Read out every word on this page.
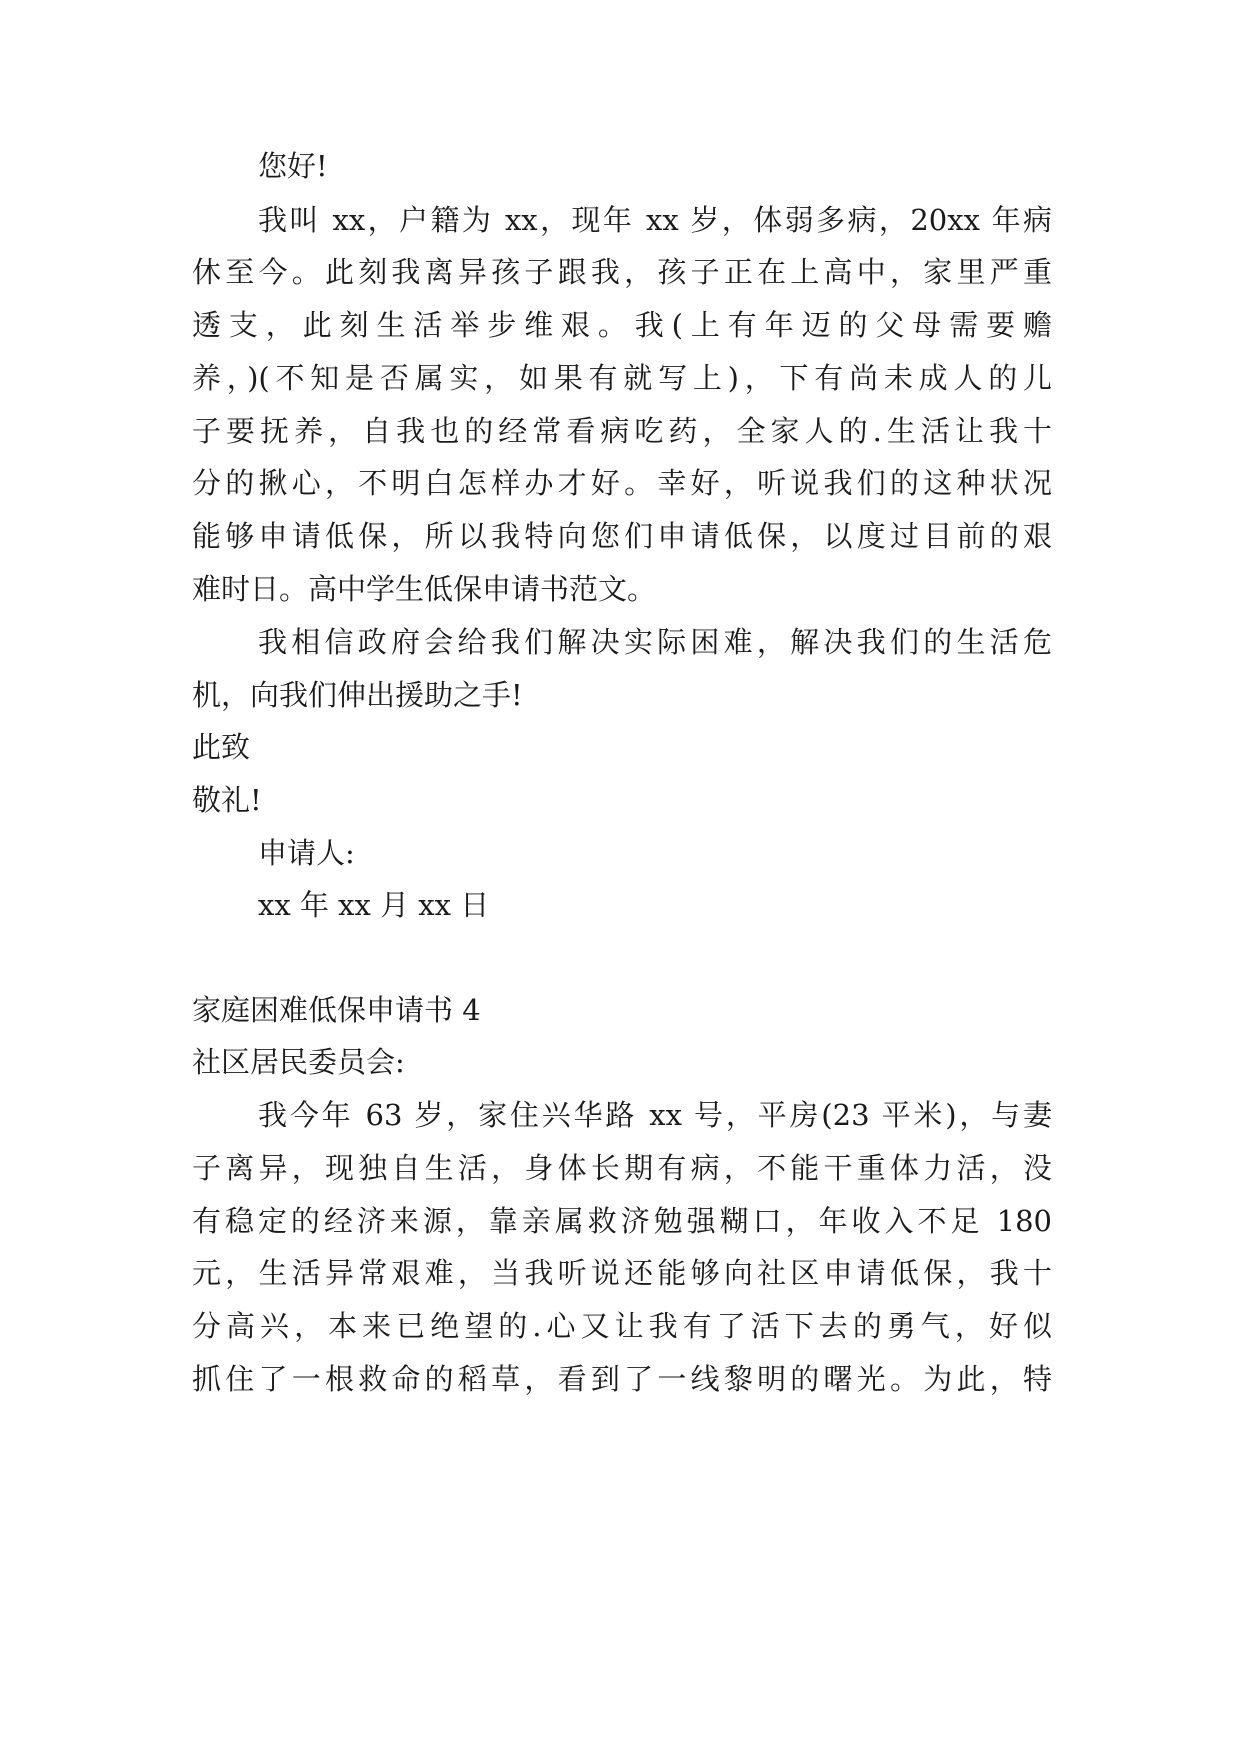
您好!
我叫 xx，户籍为 xx，现年 xx 岁，体弱多病，20xx 年病
休至今。此刻我离异孩子跟我，孩子正在上高中，家里严重
透支，此刻生活举步维艰。我(上有年迈的父母需要赡
养，)(不知是否属实，如果有就写上)，下有尚未成人的儿
子要抚养，自我也的经常看病吃药，全家人的.生活让我十
分的揪心，不明白怎样办才好。幸好，听说我们的这种状况
能够申请低保，所以我特向您们申请低保，以度过目前的艰
难时日。高中学生低保申请书范文。
我相信政府会给我们解决实际困难，解决我们的生活危
机，向我们伸出援助之手!
此致
敬礼!
申请人:
xx 年 xx 月 xx 日
家庭困难低保申请书 4
社区居民委员会:
我今年 63 岁，家住兴华路 xx 号，平房(23 平米)，与妻
子离异，现独自生活，身体长期有病，不能干重体力活，没
有稳定的经济来源，靠亲属救济勉强糊口，年收入不足 180
元，生活异常艰难，当我听说还能够向社区申请低保，我十
分高兴，本来已绝望的.心又让我有了活下去的勇气，好似
抓住了一根救命的稻草，看到了一线黎明的曙光。为此，特
